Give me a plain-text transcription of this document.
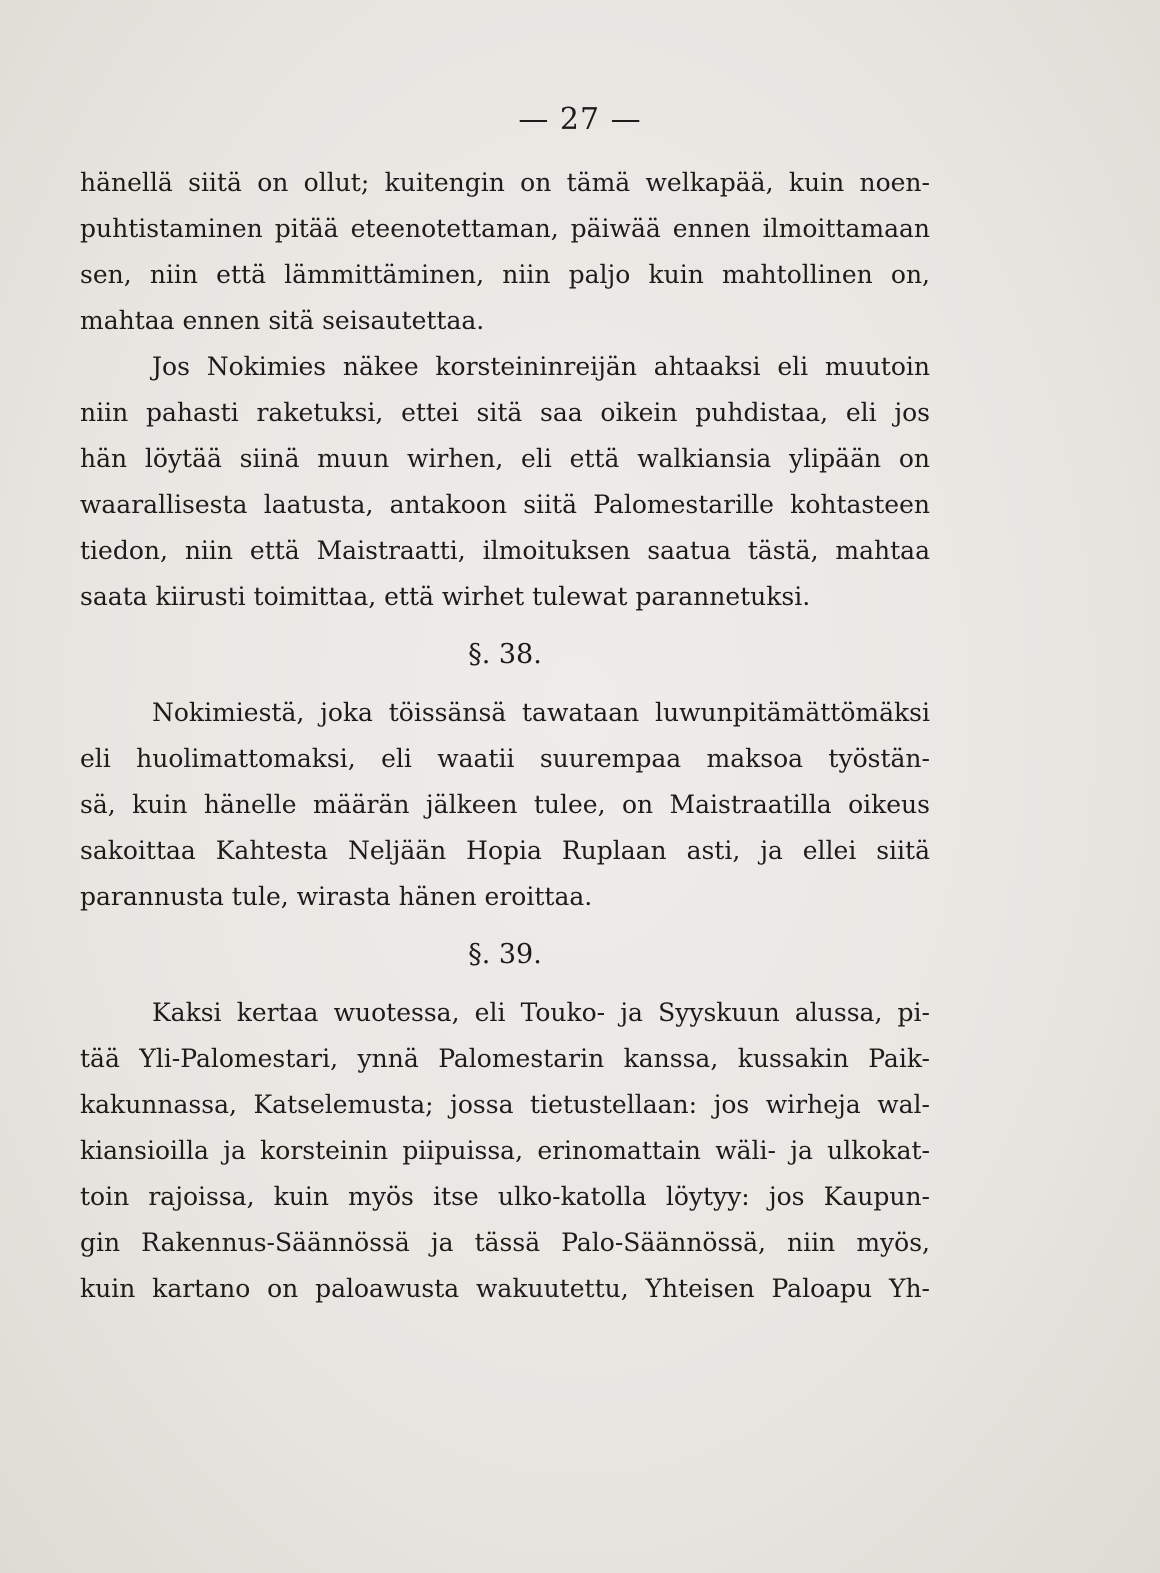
— 27 —
hänellä siitä on ollut; kuitengin on tämä welkapää, kuin noen-
puhtistaminen pitää eteenotettaman, päiwää ennen ilmoittamaan
sen, niin että lämmittäminen, niin paljo kuin mahtollinen on,
mahtaa ennen sitä seisautettaa.
Jos Nokimies näkee korsteininreijän ahtaaksi eli muutoin
niin pahasti raketuksi, ettei sitä saa oikein puhdistaa, eli jos
hän löytää siinä muun wirhen, eli että walkiansia ylipään on
waarallisesta laatusta, antakoon siitä Palomestarille kohtasteen
tiedon, niin että Maistraatti, ilmoituksen saatua tästä, mahtaa
saata kiirusti toimittaa, että wirhet tulewat parannetuksi.
§. 38.
Nokimiestä, joka töissänsä tawataan luwunpitämättömäksi
eli huolimattomaksi, eli waatii suurempaa maksoa työstän-
sä, kuin hänelle määrän jälkeen tulee, on Maistraatilla oikeus
sakoittaa Kahtesta Neljään Hopia Ruplaan asti, ja ellei siitä
parannusta tule, wirasta hänen eroittaa.
§. 39.
Kaksi kertaa wuotessa, eli Touko- ja Syyskuun alussa, pi-
tää Yli-Palomestari, ynnä Palomestarin kanssa, kussakin Paik-
kakunnassa, Katselemusta; jossa tietustellaan: jos wirheja wal-
kiansioilla ja korsteinin piipuissa, erinomattain wäli- ja ulkokat-
toin rajoissa, kuin myös itse ulko-katolla löytyy: jos Kaupun-
gin Rakennus-Säännössä ja tässä Palo-Säännössä, niin myös,
kuin kartano on paloawusta wakuutettu, Yhteisen Paloapu Yh-
